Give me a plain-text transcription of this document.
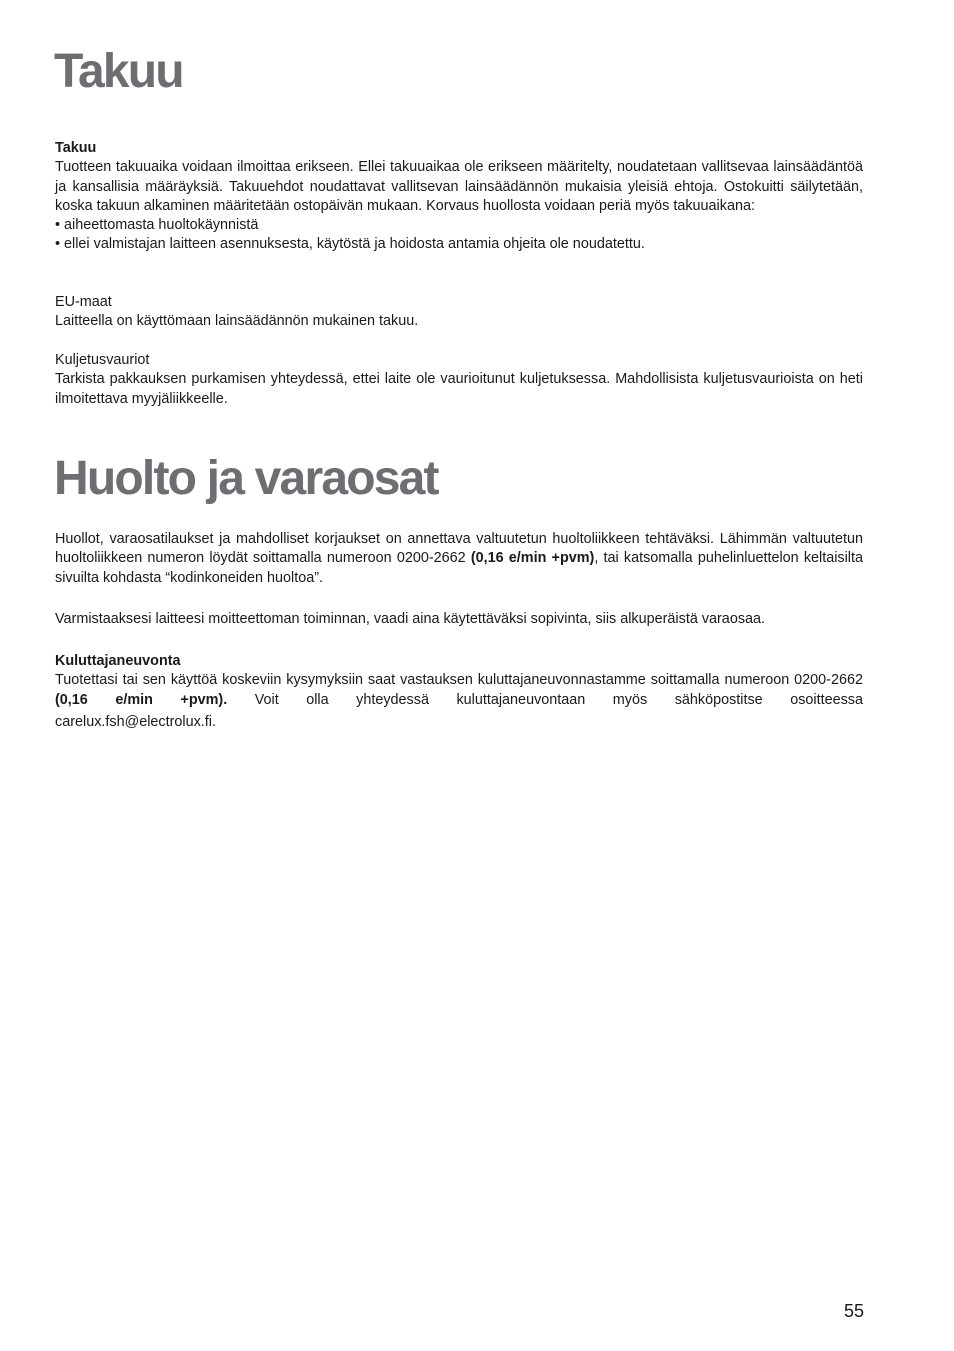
Takuu
Takuu

Tuotteen takuuaika voidaan ilmoittaa erikseen. Ellei takuuaikaa ole erikseen määritelty, noudatetaan vallitsevaa lainsäädäntöä ja kansallisia määräyksiä. Takuuehdot noudattavat vallitsevan lainsäädännön mukaisia yleisiä ehtoja. Ostokuitti säilytetään, koska takuun alkaminen määritetään ostopäivän mukaan. Korvaus huollosta voidaan periä myös takuuaikana:

• aiheettomasta huoltokäynnistä
• ellei valmistajan laitteen asennuksesta, käytöstä ja hoidosta antamia ohjeita ole noudatettu.
EU-maat
Laitteella on käyttömaan lainsäädännön mukainen takuu.
Kuljetusvauriot
Tarkista pakkauksen purkamisen yhteydessä, ettei laite ole vaurioitunut kuljetuksessa. Mahdollisista kuljetusvaurioista on heti ilmoitettava myyjäliikkeelle.
Huolto ja varaosat
Huollot, varaosatilaukset ja mahdolliset korjaukset on annettava valtuutetun huoltoliikkeen tehtäväksi. Lähimmän valtuutetun huoltoliikkeen numeron löydät soittamalla numeroon 0200-2662 (0,16 e/min +pvm), tai katsomalla puhelinluettelon keltaisilta sivuilta kohdasta “kodinkoneiden huoltoa”.
Varmistaaksesi laitteesi moitteettoman toiminnan, vaadi aina käytettäväksi sopivinta, siis alkuperäistä varaosaa.
Kuluttajaneuvonta

Tuotettasi tai sen käyttöä koskeviin kysymyksiin saat vastauksen kuluttajaneuvonnastamme soittamalla numeroon 0200-2662 (0,16 e/min +pvm). Voit olla yhteydessä kuluttajaneuvontaan myös sähköpostitse osoitteessa

carelux.fsh@electrolux.fi.
55
